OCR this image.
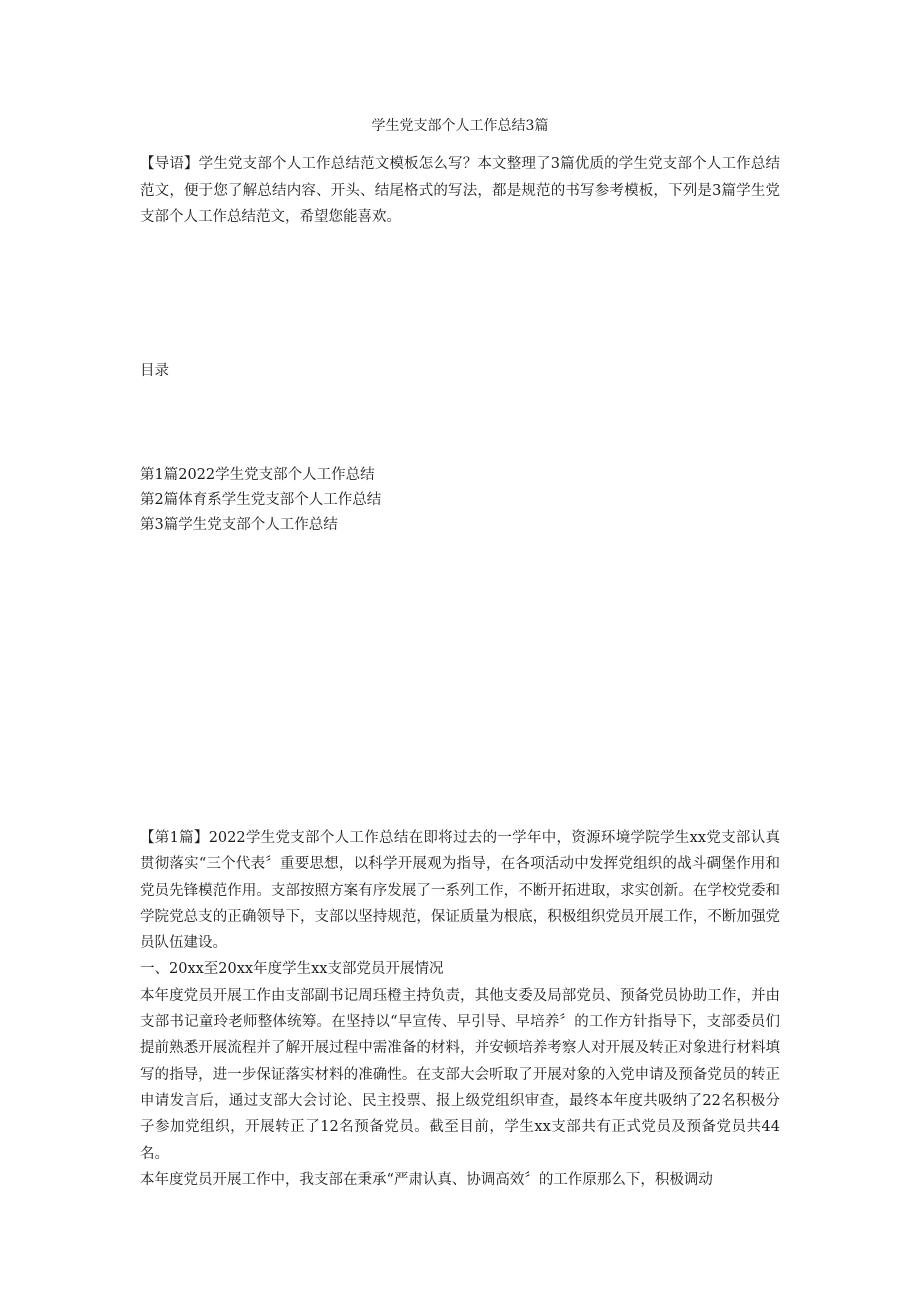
学生党支部个人工作总结3篇
【导语】学生党支部个人工作总结范文模板怎么写？本文整理了3篇优质的学生党支部个人工作总结范文，便于您了解总结内容、开头、结尾格式的写法，都是规范的书写参考模板，下列是3篇学生党支部个人工作总结范文，希望您能喜欢。
目录
第1篇2022学生党支部个人工作总结
第2篇体育系学生党支部个人工作总结
第3篇学生党支部个人工作总结

【第1篇】2022学生党支部个人工作总结在即将过去的一学年中，资源环境学院学生xx党支部认真贯彻落实“三个代表〞重要思想，以科学开展观为指导，在各项活动中发挥党组织的战斗碉堡作用和党员先锋模范作用。支部按照方案有序发展了一系列工作，不断开拓进取，求实创新。在学校党委和学院党总支的正确领导下，支部以坚持规范，保证质量为根底，积极组织党员开展工作，不断加强党员队伍建设。

一、20xx至20xx年度学生xx支部党员开展情况

本年度党员开展工作由支部副书记周珏橙主持负责，其他支委及局部党员、预备党员协助工作，并由支部书记童玲老师整体统筹。在坚持以“早宣传、早引导、早培养〞的工作方针指导下，支部委员们提前熟悉开展流程并了解开展过程中需准备的材料，并安顿培养考察人对开展及转正对象进行材料填写的指导，进一步保证落实材料的准确性。在支部大会听取了开展对象的入党申请及预备党员的转正申请发言后，通过支部大会讨论、民主投票、报上级党组织审查，最终本年度共吸纳了22名积极分子参加党组织，开展转正了12名预备党员。截至目前，学生xx支部共有正式党员及预备党员共44名。

本年度党员开展工作中，我支部在秉承“严肃认真、协调高效〞的工作原那么下，积极调动
